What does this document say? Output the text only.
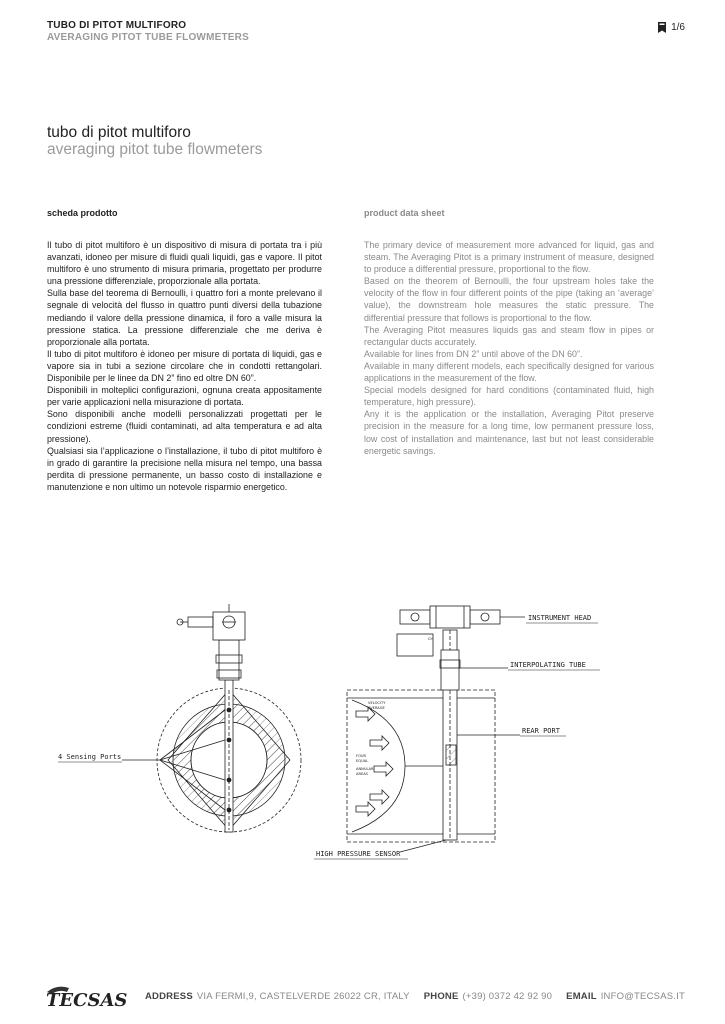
TUBO DI PITOT MULTIFORO
AVERAGING PITOT TUBE FLOWMETERS
1/6
tubo di pitot multiforo
averaging pitot tube flowmeters
scheda prodotto	product data sheet

Il tubo di pitot multiforo è un dispositivo di misura di portata tra i più avanzati, idoneo per misure di fluidi quali liquidi, gas e vapore. Il pitot multiforo è uno strumento di misura primaria, progettato per produrre una pressione differenziale, proporzionale alla portata.

Sulla base del teorema di Bernoulli, i quattro fori a monte prelevano il segnale di velocità del flusso in quattro punti diversi della tubazione mediando il valore della pressione dinamica, il foro a valle misura la pressione statica. La pressione differenziale che me deriva è proporzionale alla portata.

Il tubo di pitot multiforo è idoneo per misure di portata di liquidi, gas e vapore sia in tubi a sezione circolare che in condotti rettangolari. Disponibile per le linee da DN 2” fino ed oltre DN 60”.

Disponibili in molteplici configurazioni, ognuna creata appositamente per varie applicazioni nella misurazione di portata.

Sono disponibili anche modelli personalizzati progettati per le condizioni estreme (fluidi contaminati, ad alta temperatura e ad alta pressione).

Qualsiasi sia l’applicazione o l’installazione, il tubo di pitot multiforo è in grado di garantire la precisione nella misura nel tempo, una bassa perdita di pressione permanente, un basso costo di installazione e manutenzione e non ultimo un notevole risparmio energetico.

The primary device of measurement more advanced for liquid, gas and steam. The Averaging Pitot is a primary instrument of measure, designed to produce a differential pressure, proportional to the flow.

Based on the theorem of Bernoulli, the four upstream holes take the velocity of the flow in four different points of the pipe (taking an ‘average’ value), the downstream hole measures the static pressure. The differential pressure that follows is proportional to the flow.

The Averaging Pitot measures liquids gas and steam flow in pipes or rectangular ducts accurately.

Available for lines from DN 2” until above of the DN 60”.

Available in many different models, each specifically designed for various applications in the measurement of the flow.

Special models designed for hard conditions (contaminated fluid, high temperature, high pressure).

Any it is the application or the installation, Averaging Pitot preserve precision in the measure for a long time, low permanent pressure loss, low cost of installation and maintenance, last but not least considerable energetic savings.

4 Sensing Ports
INSTRUMENT HEAD
INTERPOLATING TUBE
REAR PORT
HIGH PRESSURE SENSOR
VELOCITY
AVERAGE
FOUR
EQUAL
ANNULAR
AREAS
CH
TECSAS ADDRESS VIA FERMI,9, CASTELVERDE 26022 CR, ITALY PHONE (+39) 0372 42 92 90 EMAIL INFO@TECSAS.IT
